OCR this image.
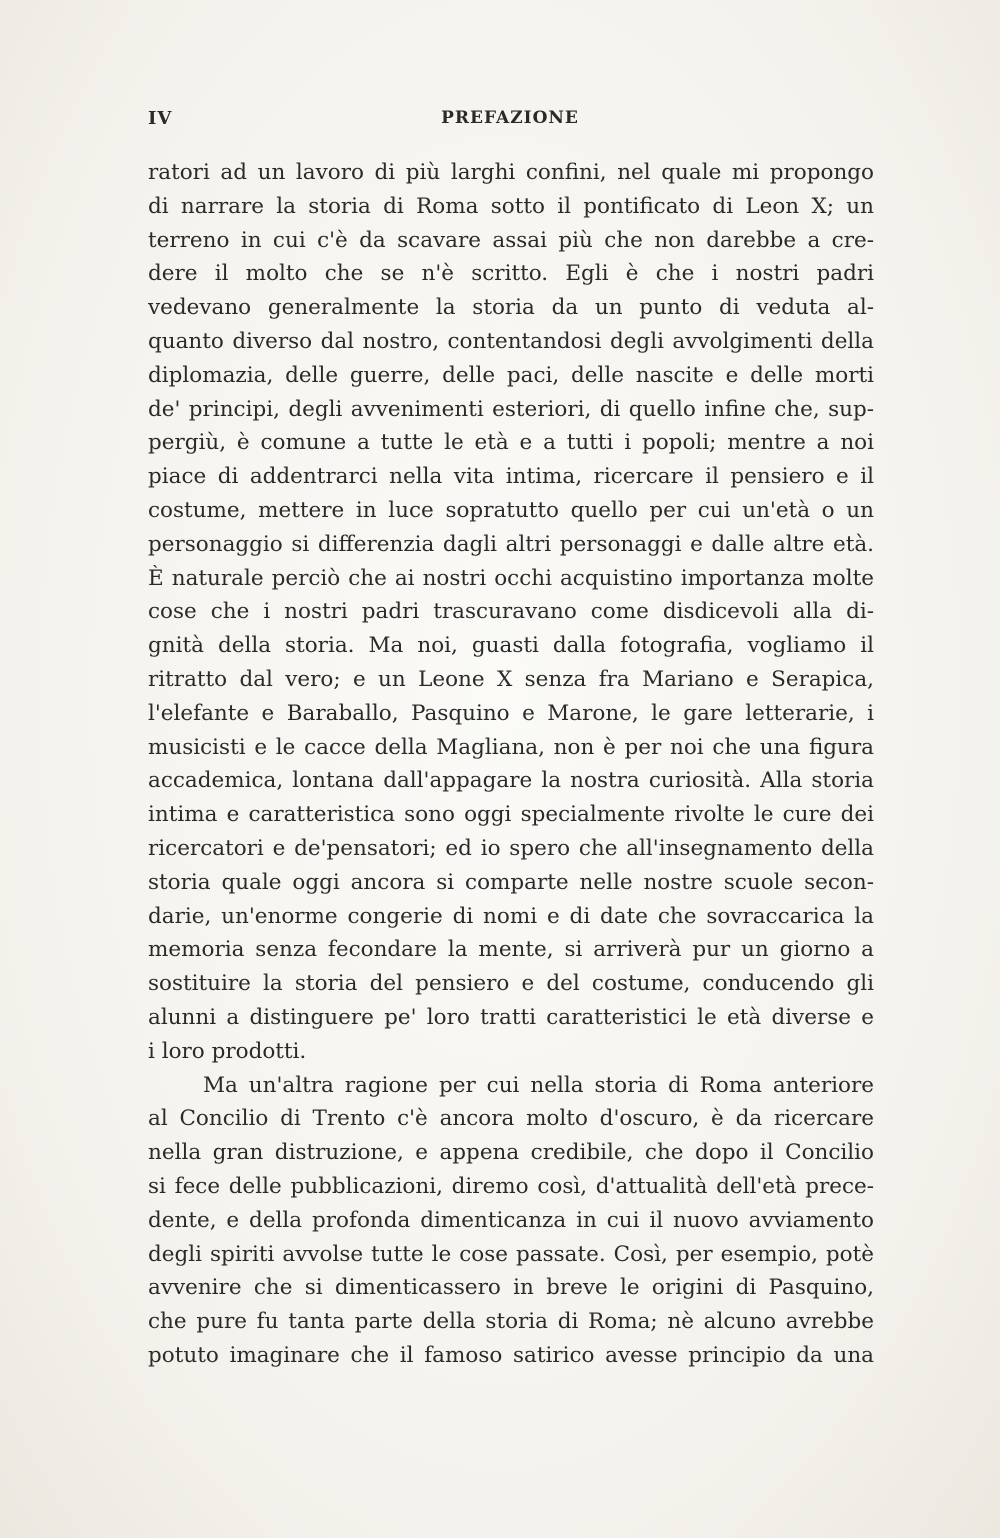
IV	PREFAZIONE
ratori ad un lavoro di più larghi confini, nel quale mi propongo
di narrare la storia di Roma sotto il pontificato di Leon X; un
terreno in cui c'è da scavare assai più che non darebbe a cre-
dere il molto che se n'è scritto. Egli è che i nostri padri
vedevano generalmente la storia da un punto di veduta al-
quanto diverso dal nostro, contentandosi degli avvolgimenti della
diplomazia, delle guerre, delle paci, delle nascite e delle morti
de' principi, degli avvenimenti esteriori, di quello infine che, sup-
pergiù, è comune a tutte le età e a tutti i popoli; mentre a noi
piace di addentrarci nella vita intima, ricercare il pensiero e il
costume, mettere in luce sopratutto quello per cui un'età o un
personaggio si differenzia dagli altri personaggi e dalle altre età.
È naturale perciò che ai nostri occhi acquistino importanza molte
cose che i nostri padri trascuravano come disdicevoli alla di-
gnità della storia. Ma noi, guasti dalla fotografia, vogliamo il
ritratto dal vero; e un Leone X senza fra Mariano e Serapica,
l'elefante e Baraballo, Pasquino e Marone, le gare letterarie, i
musicisti e le cacce della Magliana, non è per noi che una figura
accademica, lontana dall'appagare la nostra curiosità. Alla storia
intima e caratteristica sono oggi specialmente rivolte le cure dei
ricercatori e de'pensatori; ed io spero che all'insegnamento della
storia quale oggi ancora si comparte nelle nostre scuole secon-
darie, un'enorme congerie di nomi e di date che sovraccarica la
memoria senza fecondare la mente, si arriverà pur un giorno a
sostituire la storia del pensiero e del costume, conducendo gli
alunni a distinguere pe' loro tratti caratteristici le età diverse e
i loro prodotti.
Ma un'altra ragione per cui nella storia di Roma anteriore
al Concilio di Trento c'è ancora molto d'oscuro, è da ricercare
nella gran distruzione, e appena credibile, che dopo il Concilio
si fece delle pubblicazioni, diremo così, d'attualità dell'età prece-
dente, e della profonda dimenticanza in cui il nuovo avviamento
degli spiriti avvolse tutte le cose passate. Così, per esempio, potè
avvenire che si dimenticassero in breve le origini di Pasquino,
che pure fu tanta parte della storia di Roma; nè alcuno avrebbe
potuto imaginare che il famoso satirico avesse principio da una
